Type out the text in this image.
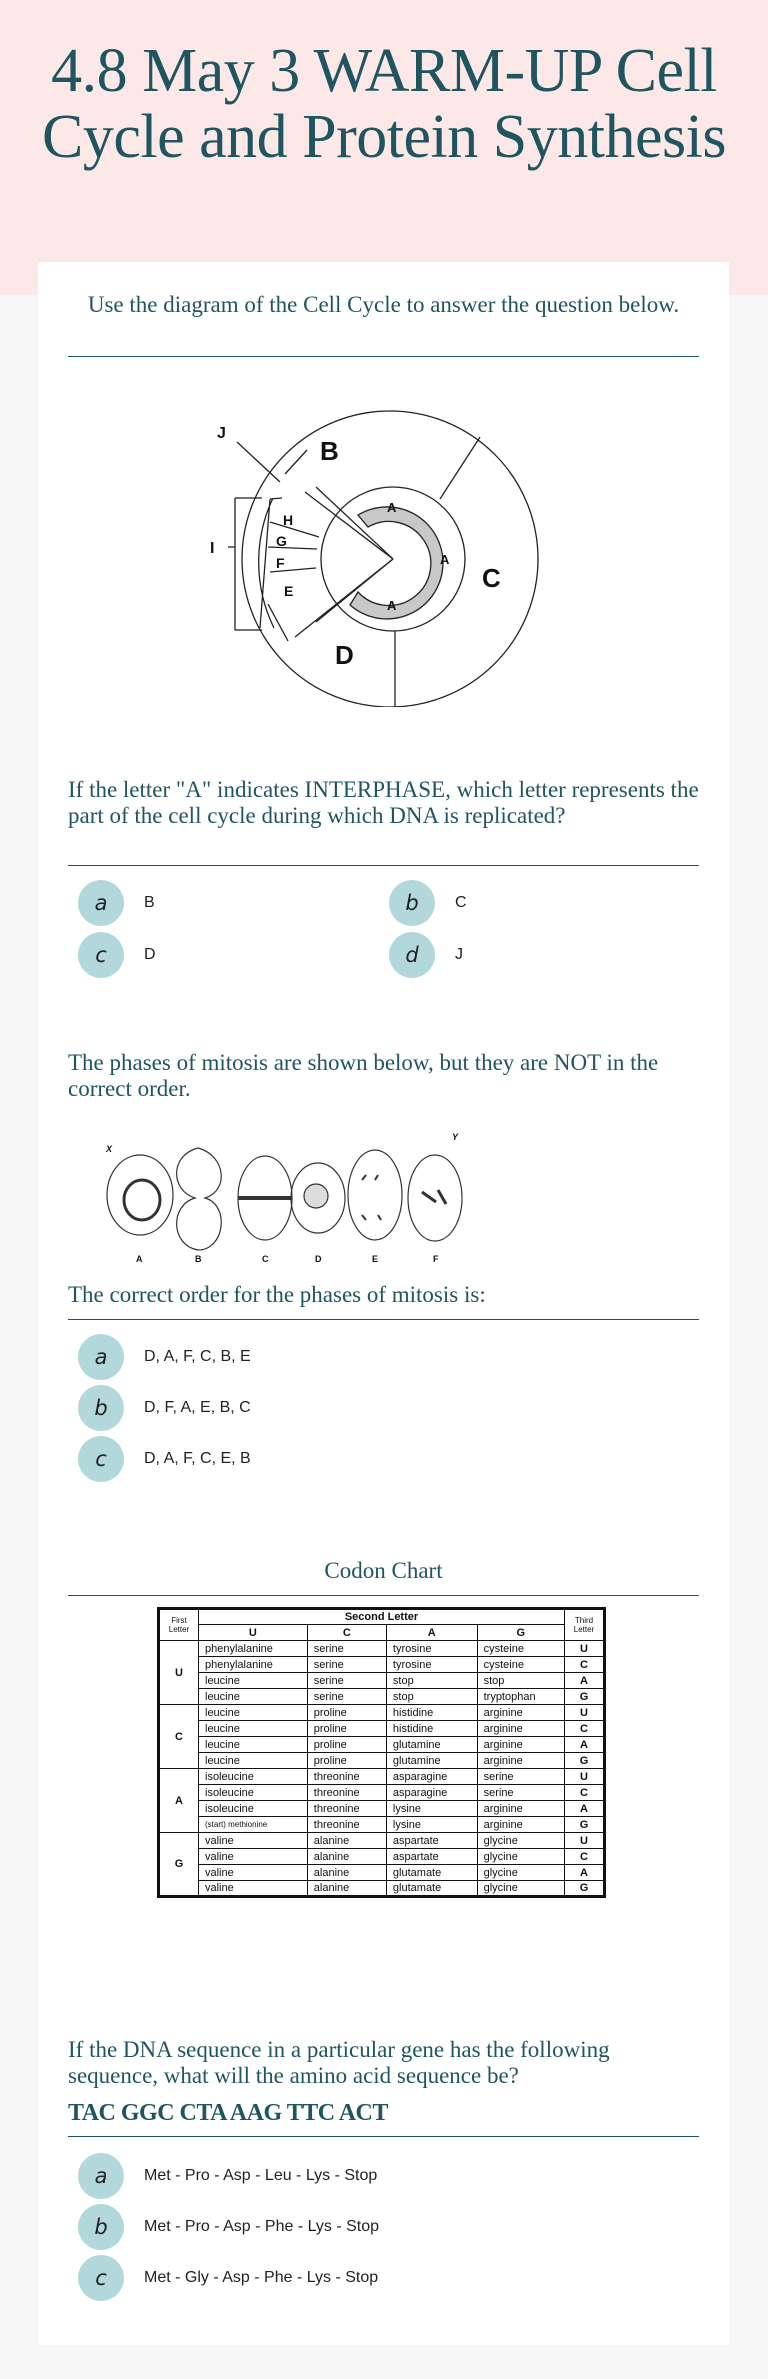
4.8 May 3 WARM-UP Cell Cycle and Protein Synthesis
Use the diagram of the Cell Cycle to answer the question below.
B
C
D
E
F
G
H
I
J
A
A
A
If the letter "A" indicates INTERPHASE, which letter represents the part of the cell cycle during which DNA is replicated?
a	B	b	C
c	D	d	J
The phases of mitosis are shown below, but they are NOT in the correct order.
A	B	C	D	E	F
X
Y
The correct order for the phases of mitosis is:
a	D, A, F, C, B, E
b	D, F, A, E, B, C
c	D, A, F, C, E, B
Codon Chart
First Letter	Second Letter				Third Letter
	U	C	A	G	
U	phenylalanine	serine	tyrosine	cysteine	U
	phenylalanine	serine	tyrosine	cysteine	C
	leucine	serine	stop	stop	A
	leucine	serine	stop	tryptophan	G
C	leucine	proline	histidine	arginine	U
	leucine	proline	histidine	arginine	C
	leucine	proline	glutamine	arginine	A
	leucine	proline	glutamine	arginine	G
A	isoleucine	threonine	asparagine	serine	U
	isoleucine	threonine	asparagine	serine	C
	isoleucine	threonine	lysine	arginine	A
	(start) methionine	threonine	lysine	arginine	G
G	valine	alanine	aspartate	glycine	U
	valine	alanine	aspartate	glycine	C
	valine	alanine	glutamate	glycine	A
	valine	alanine	glutamate	glycine	G
If the DNA sequence in a particular gene has the following sequence, what will the amino acid sequence be?
TAC GGC CTA AAG TTC ACT
a	Met - Pro - Asp - Leu - Lys - Stop
b	Met - Pro - Asp - Phe - Lys - Stop
c	Met - Gly - Asp - Phe - Lys - Stop
